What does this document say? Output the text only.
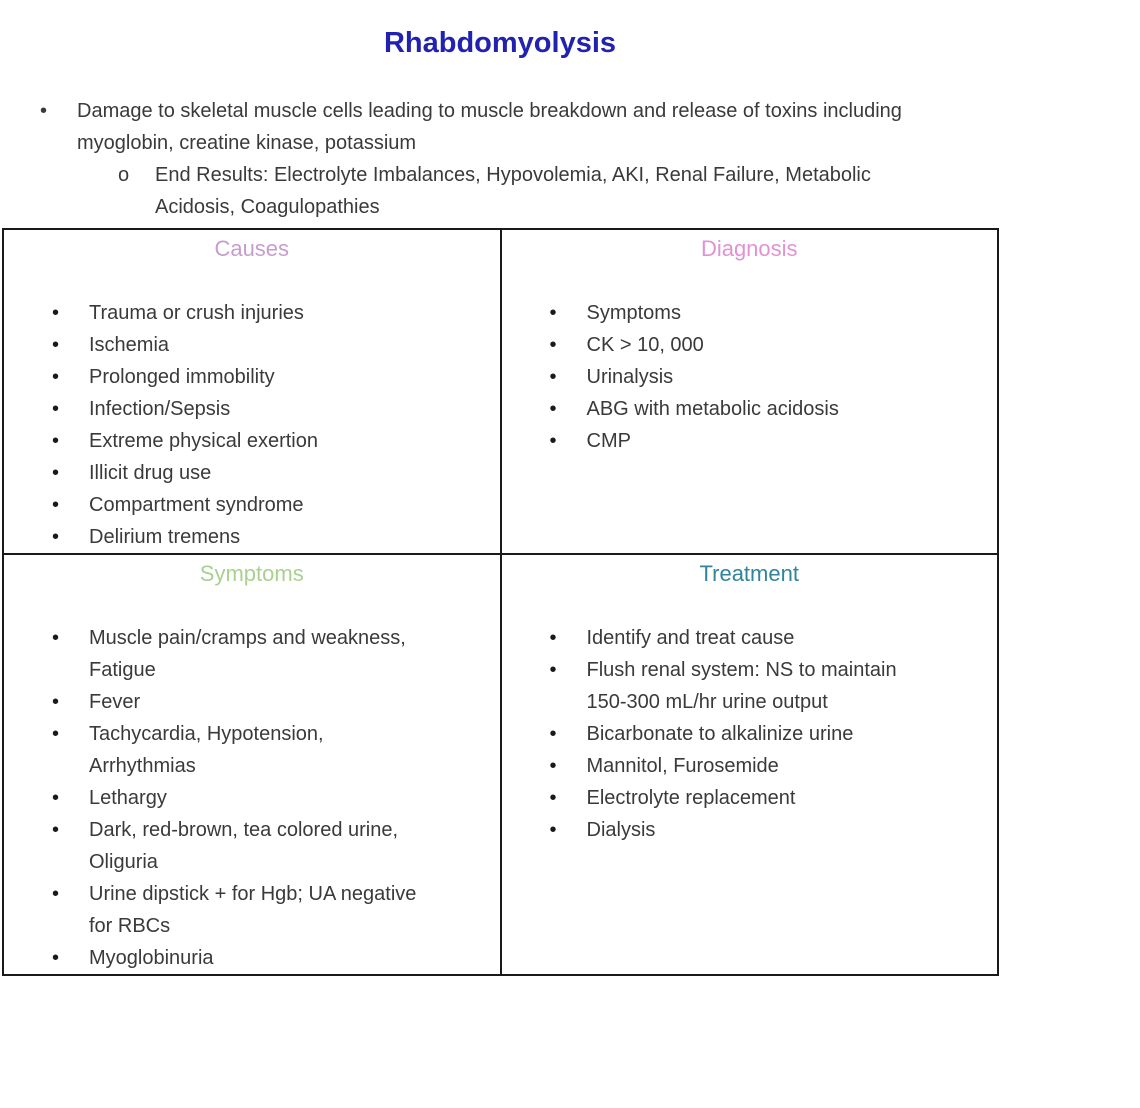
Rhabdomyolysis
•	Damage to skeletal muscle cells leading to muscle breakdown and release of toxins including myoglobin, creatine kinase, potassium
o	End Results: Electrolyte Imbalances, Hypovolemia, AKI, Renal Failure, Metabolic Acidosis, Coagulopathies
Causes
• Trauma or crush injuries
• Ischemia
• Prolonged immobility
• Infection/Sepsis
• Extreme physical exertion
• Illicit drug use
• Compartment syndrome
• Delirium tremens

Diagnosis
• Symptoms
• CK > 10, 000
• Urinalysis
• ABG with metabolic acidosis
• CMP

Symptoms
• Muscle pain/cramps and weakness, Fatigue
• Fever
• Tachycardia, Hypotension, Arrhythmias
• Lethargy
• Dark, red-brown, tea colored urine, Oliguria
• Urine dipstick + for Hgb; UA negative for RBCs
• Myoglobinuria

Treatment
• Identify and treat cause
• Flush renal system: NS to maintain 150-300 mL/hr urine output
• Bicarbonate to alkalinize urine
• Mannitol, Furosemide
• Electrolyte replacement
• Dialysis
